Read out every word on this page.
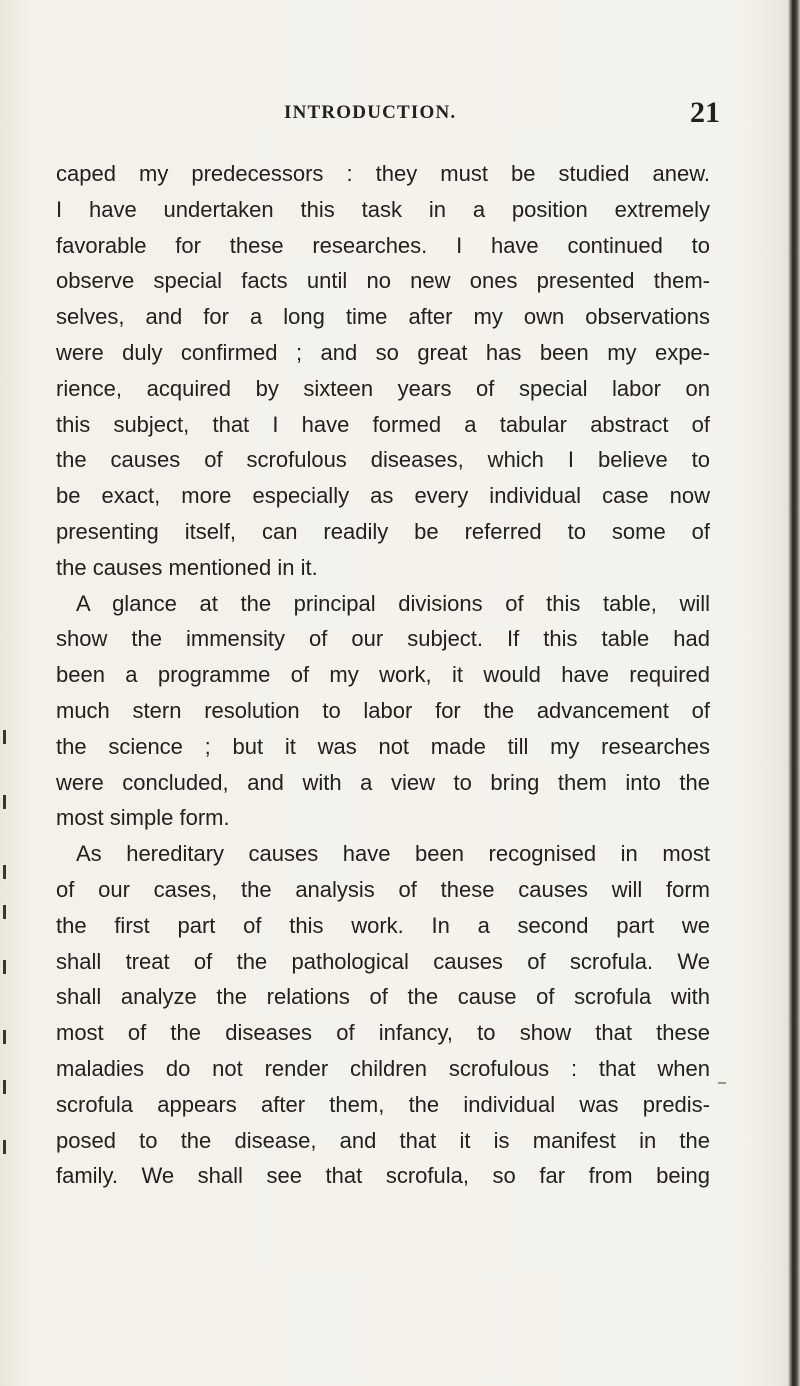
INTRODUCTION.	21
caped my predecessors : they must be studied anew.
I have undertaken this task in a position extremely
favorable for these researches. I have continued to
observe special facts until no new ones presented them-
selves, and for a long time after my own observations
were duly confirmed ; and so great has been my expe-
rience, acquired by sixteen years of special labor on
this subject, that I have formed a tabular abstract of
the causes of scrofulous diseases, which I believe to
be exact, more especially as every individual case now
presenting itself, can readily be referred to some of
the causes mentioned in it.
A glance at the principal divisions of this table, will
show the immensity of our subject. If this table had
been a programme of my work, it would have required
much stern resolution to labor for the advancement of
the science ; but it was not made till my researches
were concluded, and with a view to bring them into the
most simple form.
As hereditary causes have been recognised in most
of our cases, the analysis of these causes will form
the first part of this work. In a second part we
shall treat of the pathological causes of scrofula. We
shall analyze the relations of the cause of scrofula with
most of the diseases of infancy, to show that these
maladies do not render children scrofulous : that when
scrofula appears after them, the individual was predis-
posed to the disease, and that it is manifest in the
family. We shall see that scrofula, so far from being
